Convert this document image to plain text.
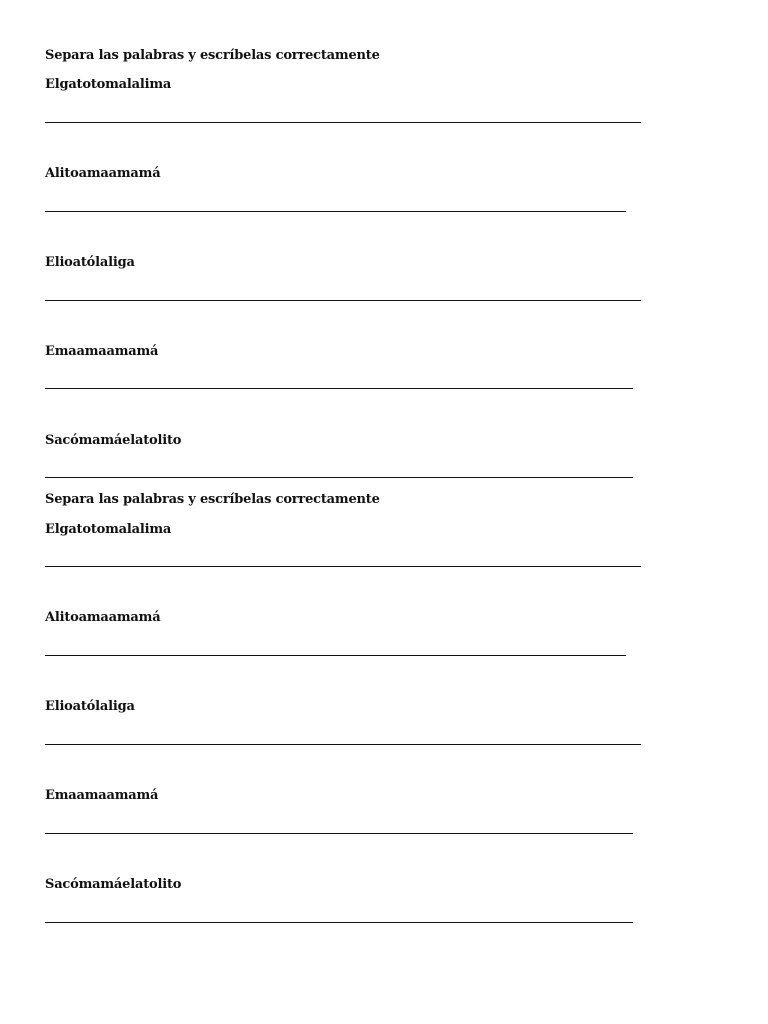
Separa las palabras y escríbelas correctamente
Elgatotomalalima
Alitoamaamamá
Elioatólaliga
Emaamaamamá
Sacómamáelatolito
Separa las palabras y escríbelas correctamente
Elgatotomalalima
Alitoamaamamá
Elioatólaliga
Emaamaamamá
Sacómamáelatolito
